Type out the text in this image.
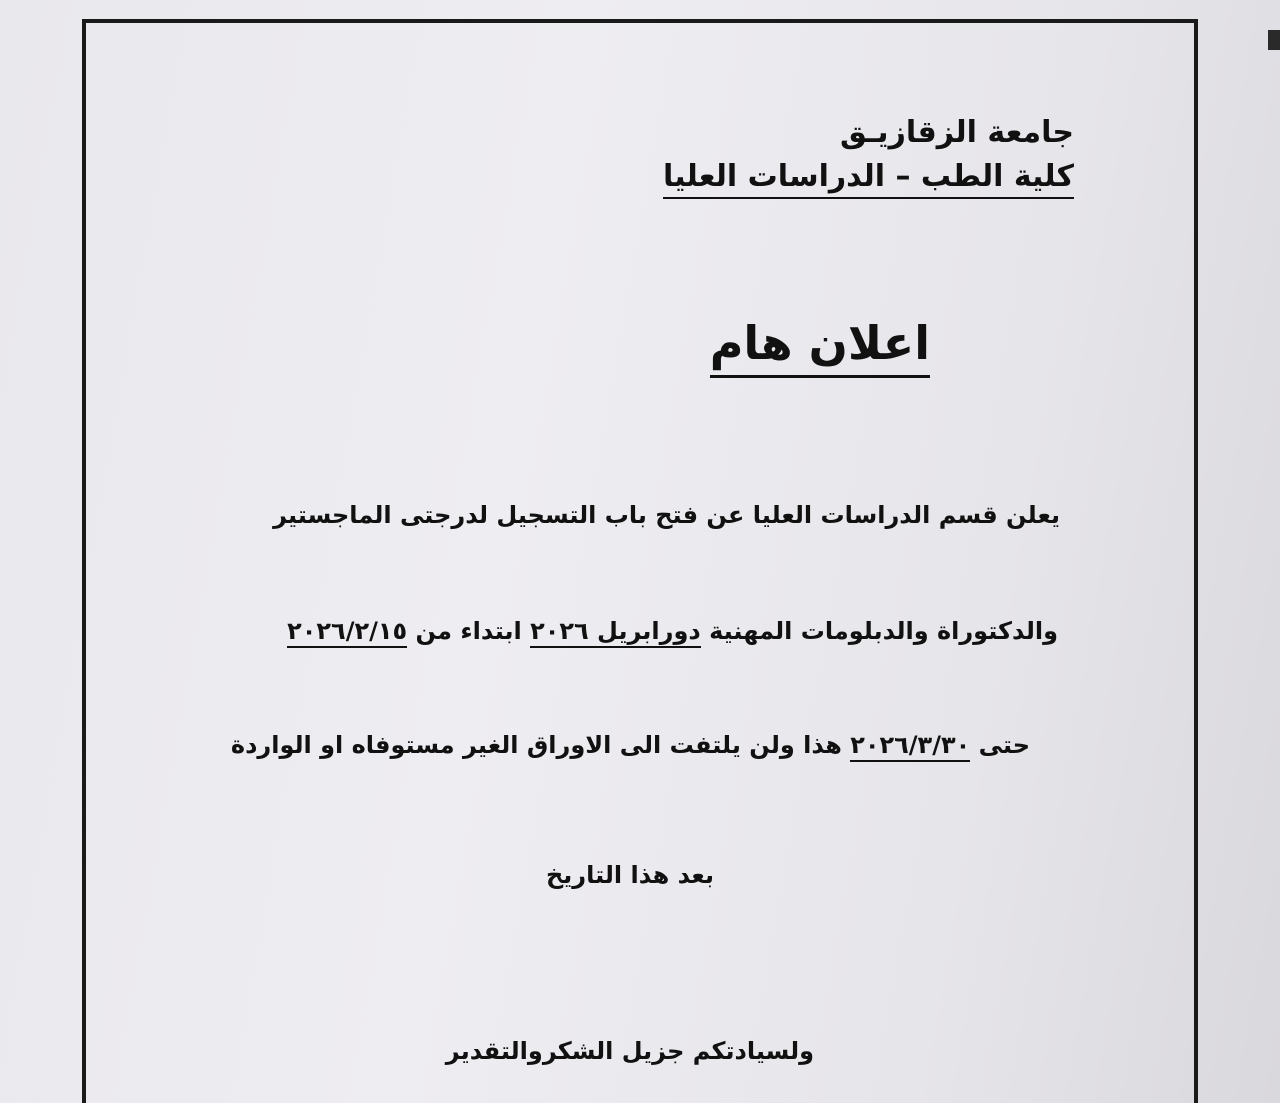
جامعة الزقازيـق
كلية الطب – الدراسات العليا
اعلان هام
يعلن قسم الدراسات العليا عن فتح باب التسجيل لدرجتى الماجستير
والدكتوراة والدبلومات المهنية دورابريل ٢٠٢٦ ابتداء من ٢٠٢٦/٢/١٥
حتى ٢٠٢٦/٣/٣٠ هذا ولن يلتفت الى الاوراق الغير مستوفاه او الواردة
بعد هذا التاريخ
ولسيادتكم جزيل الشكروالتقدير
